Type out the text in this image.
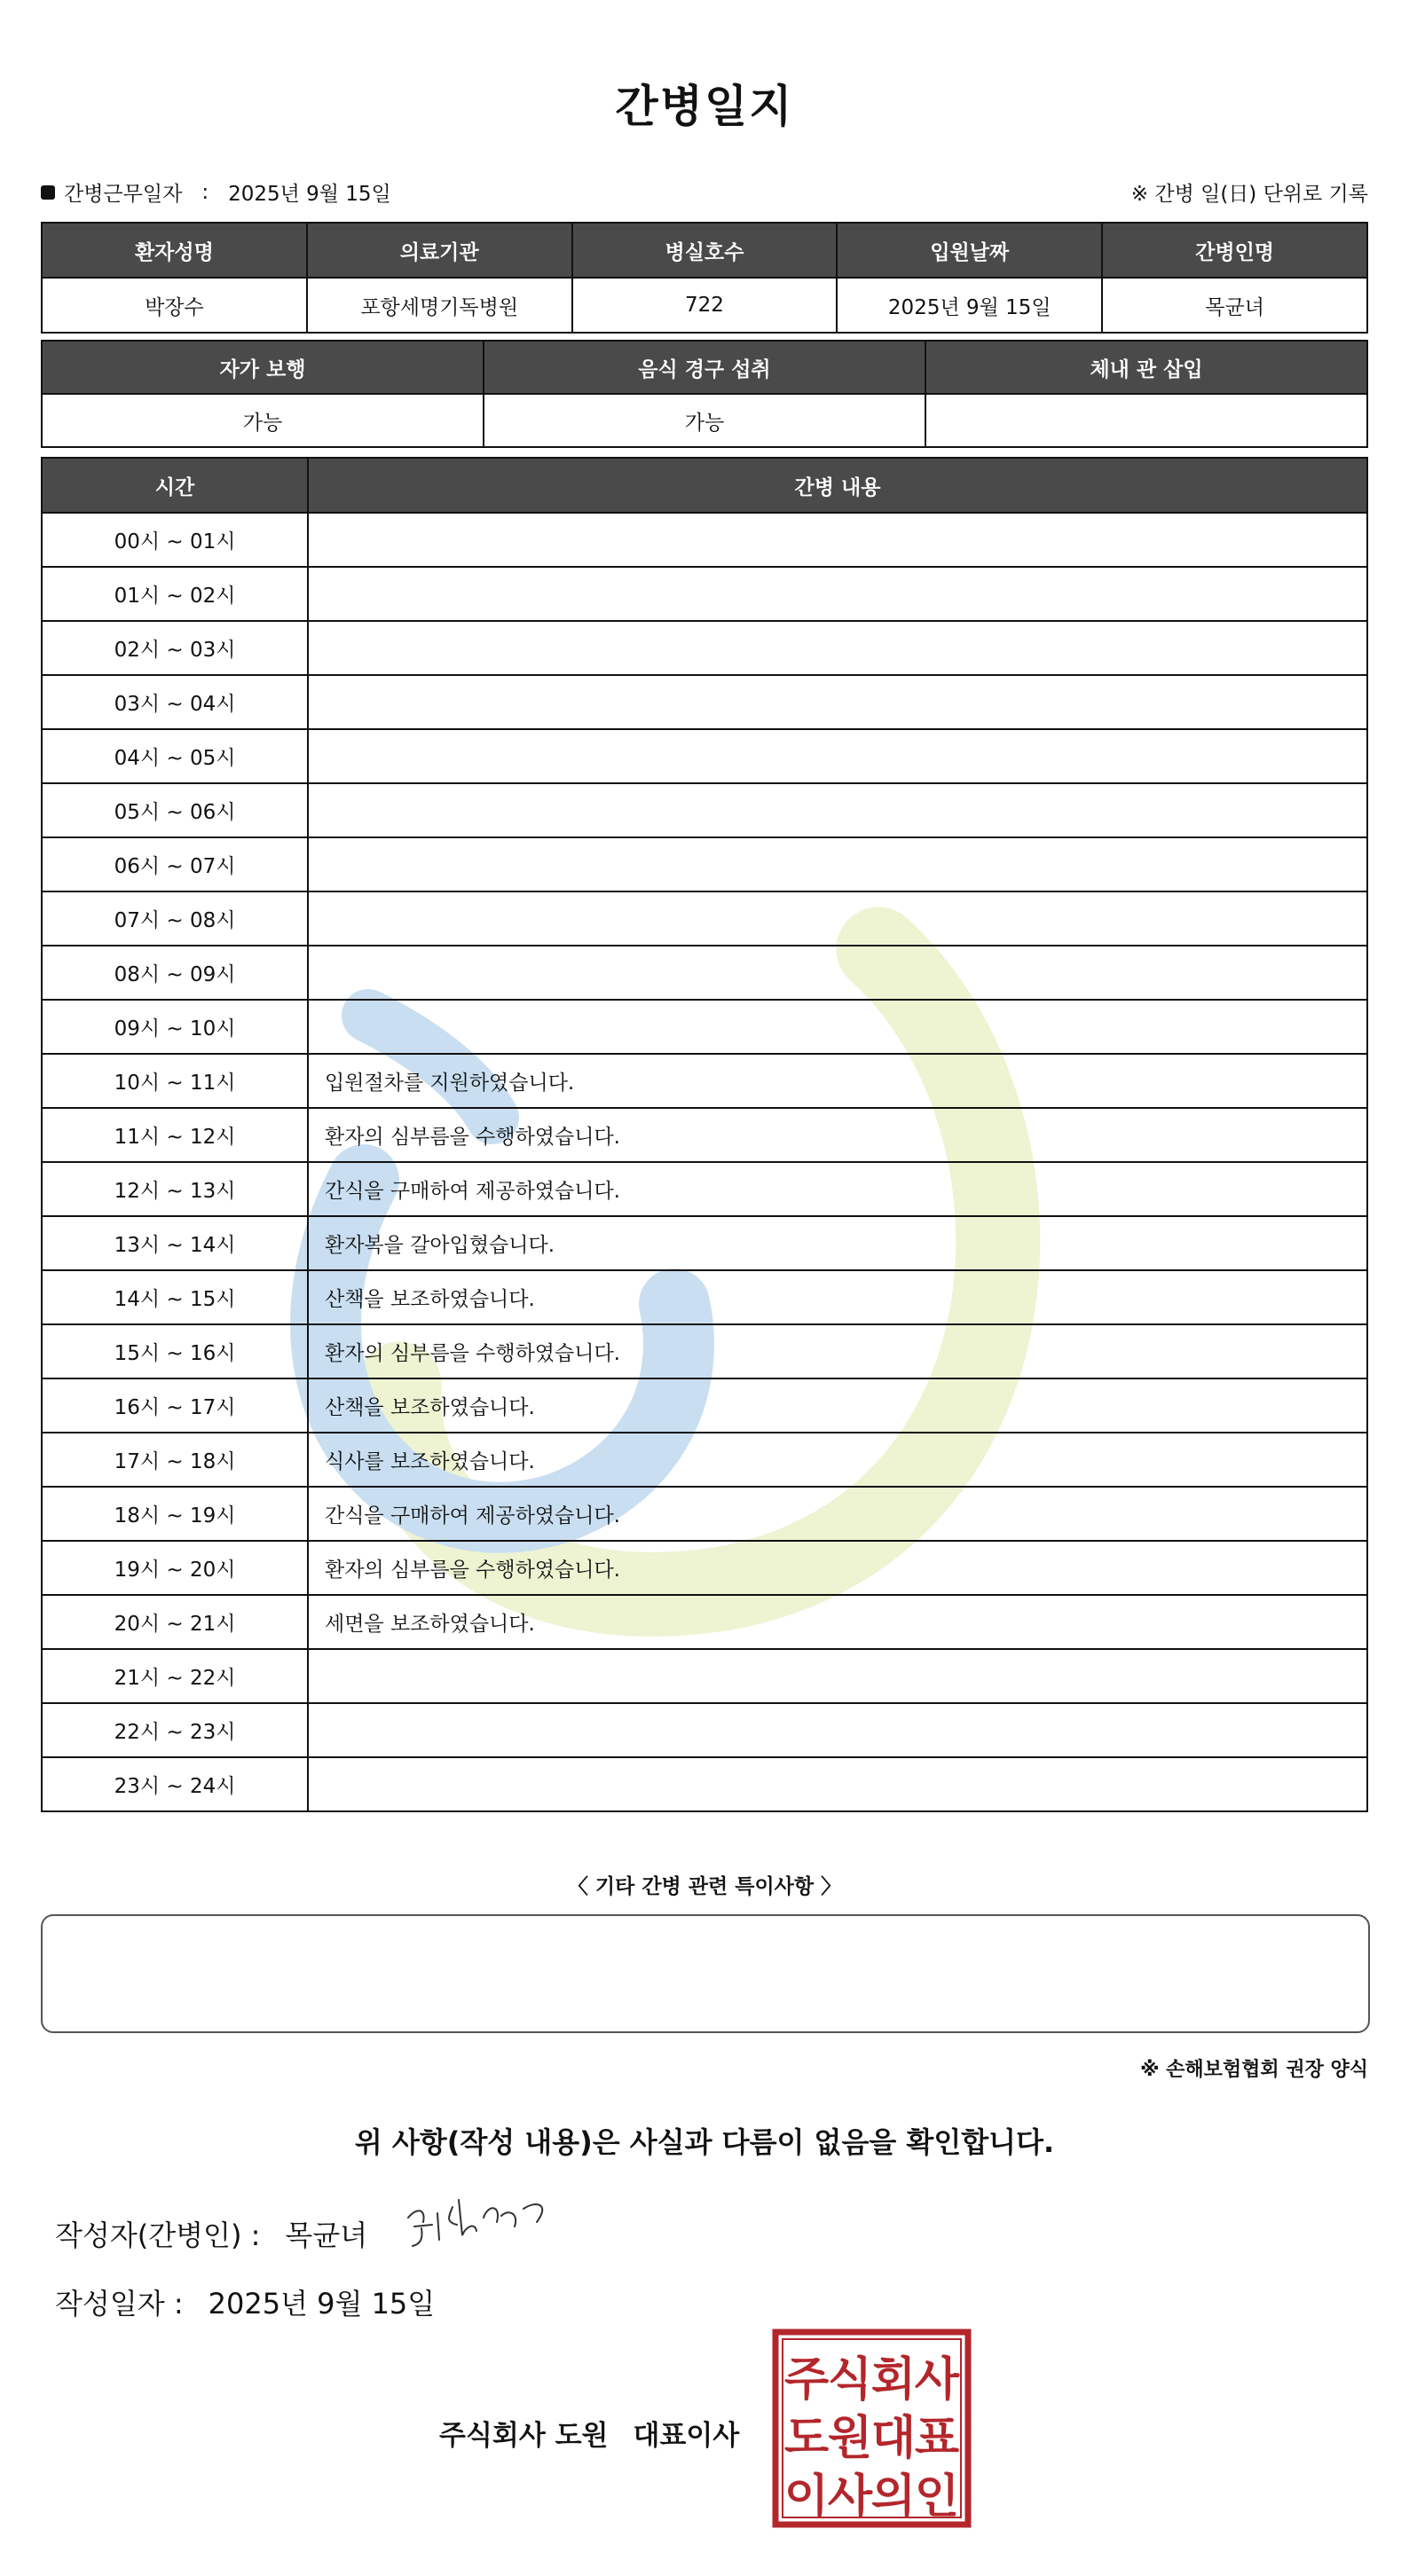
간병일지
간병근무일자 : 2025년 9월 15일	※ 간병 일(日) 단위로 기록
환자성명	의료기관	병실호수	입원날짜	간병인명
박장수	포항세명기독병원	722	2025년 9월 15일	목균녀
자가 보행	음식 경구 섭취	체내 관 삽입
가능	가능	
시간	간병 내용
00시 ~ 01시	
01시 ~ 02시	
02시 ~ 03시	
03시 ~ 04시	
04시 ~ 05시	
05시 ~ 06시	
06시 ~ 07시	
07시 ~ 08시	
08시 ~ 09시	
09시 ~ 10시	
10시 ~ 11시	입원절차를 지원하였습니다.
11시 ~ 12시	환자의 심부름을 수행하였습니다.
12시 ~ 13시	간식을 구매하여 제공하였습니다.
13시 ~ 14시	환자복을 갈아입혔습니다.
14시 ~ 15시	산책을 보조하였습니다.
15시 ~ 16시	환자의 심부름을 수행하였습니다.
16시 ~ 17시	산책을 보조하였습니다.
17시 ~ 18시	식사를 보조하였습니다.
18시 ~ 19시	간식을 구매하여 제공하였습니다.
19시 ~ 20시	환자의 심부름을 수행하였습니다.
20시 ~ 21시	세면을 보조하였습니다.
21시 ~ 22시	
22시 ~ 23시	
23시 ~ 24시	
〈 기타 간병 관련 특이사항 〉
※ 손해보험협회 권장 양식
위 사항(작성 내용)은 사실과 다름이 없음을 확인합니다.
작성자(간병인) : 목균녀
작성일자 : 2025년 9월 15일
주식회사 도원 대표이사
주
식
회
사
도
원
대
표
이
사
의
인
